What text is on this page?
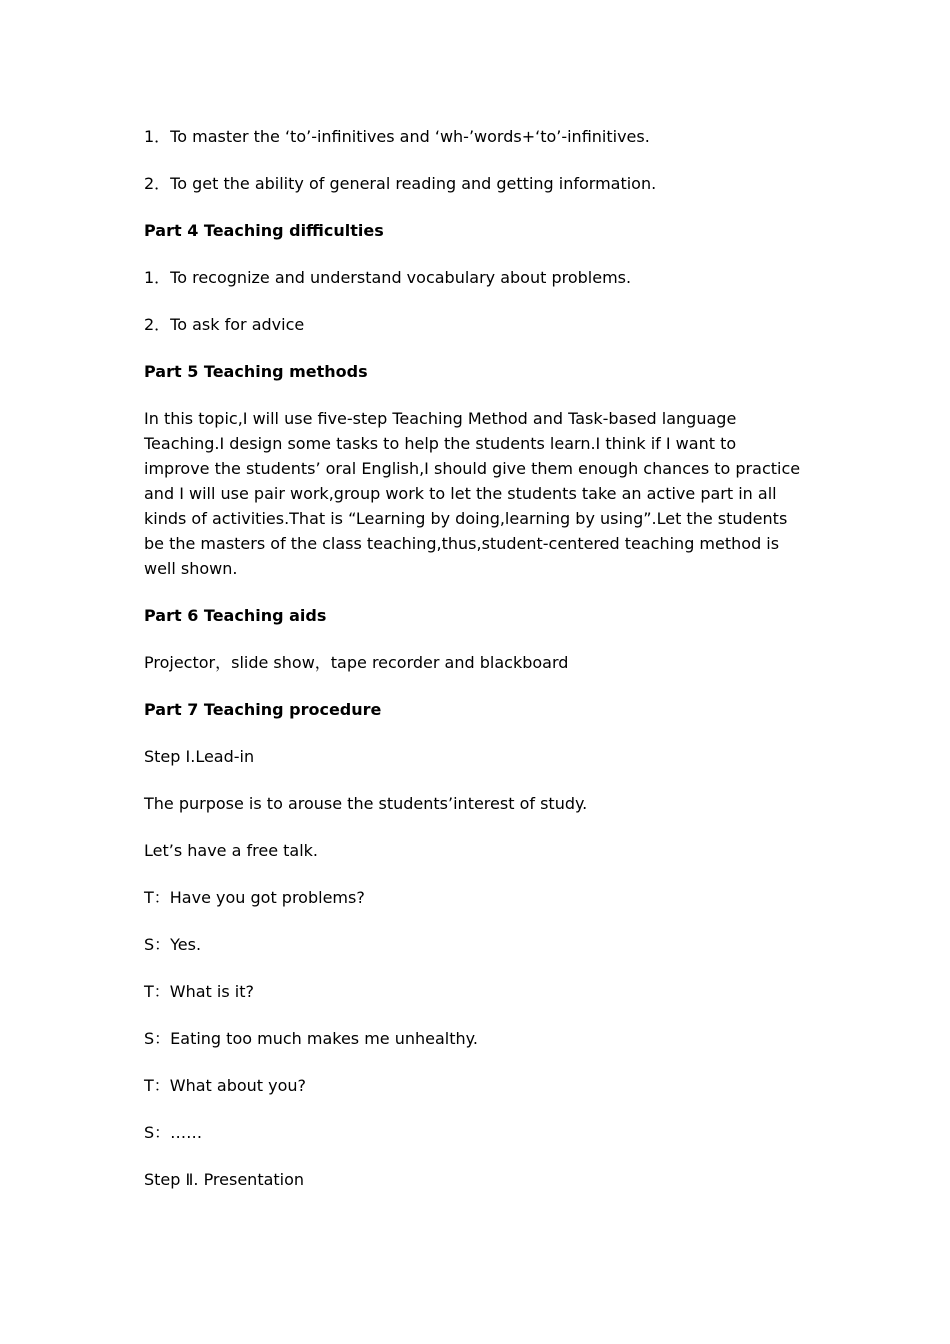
1．To master the ‘to’-infinitives and ‘wh-’words+‘to’-infinitives.

2．To get the ability of general reading and getting information.

Part 4 Teaching difficulties

1．To recognize and understand vocabulary about problems.

2．To ask for advice

Part 5 Teaching methods

In this topic,I will use five-step Teaching Method and Task-based language Teaching.I design some tasks to help the students learn.I think if I want to improve the students’ oral English,I should give them enough chances to practice and I will use pair work,group work to let the students take an active part in all kinds of activities.That is “Learning by doing,learning by using”.Let the students be the masters of the class teaching,thus,student-centered teaching method is well shown.

Part 6 Teaching aids

Projector，slide show，tape recorder and blackboard

Part 7 Teaching procedure

Step Ⅰ.Lead-in

The purpose is to arouse the students’interest of study.

Let’s have a free talk.

T：Have you got problems?

S：Yes.

T：What is it?

S：Eating too much makes me unhealthy.

T：What about you?

S：……

Step Ⅱ. Presentation
